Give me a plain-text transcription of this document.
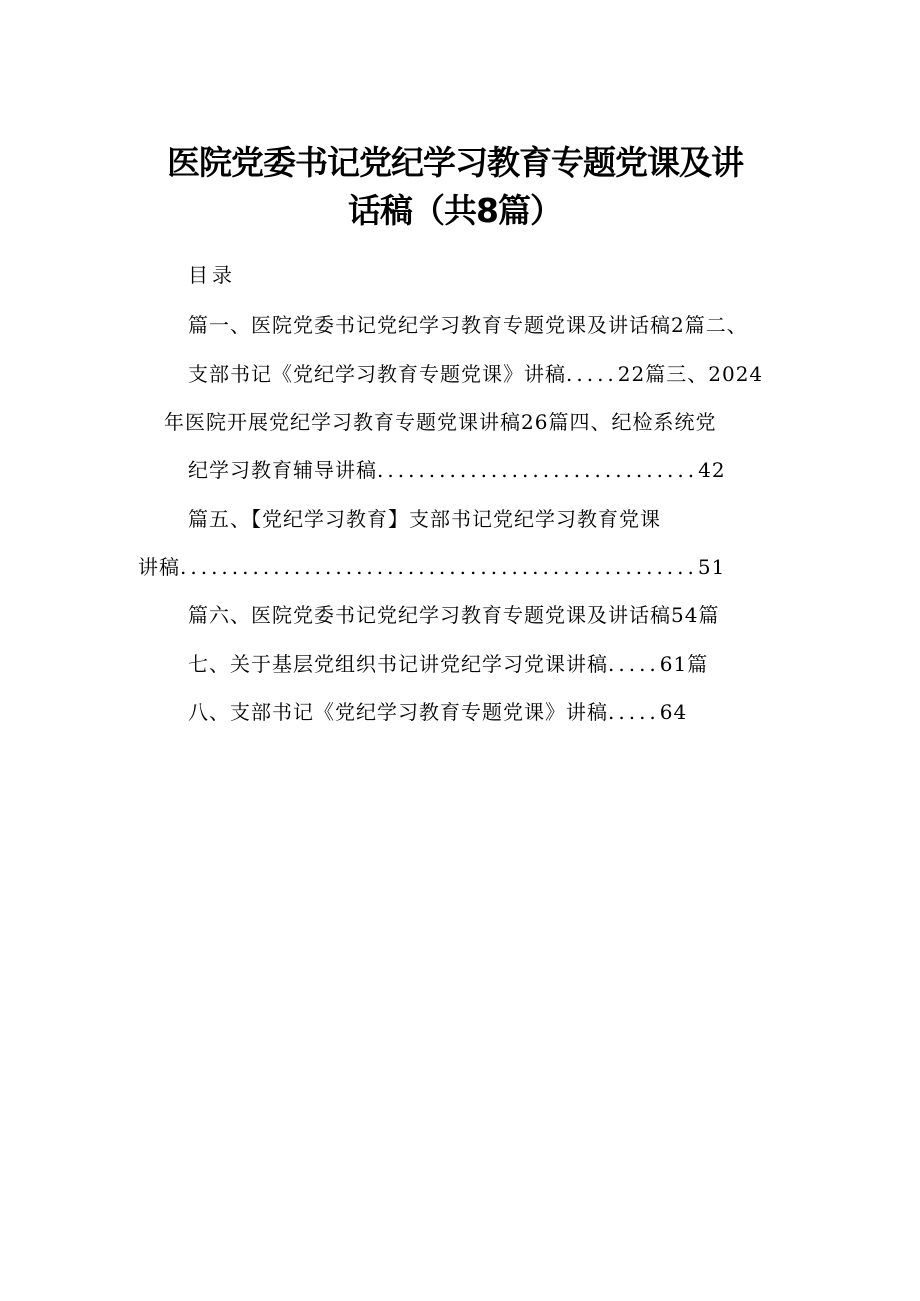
医院党委书记党纪学习教育专题党课及讲
话稿（共8篇）
目录
篇一、医院党委书记党纪学习教育专题党课及讲话稿2篇二、
支部书记《党纪学习教育专题党课》讲稿.....22篇三、2024
年医院开展党纪学习教育专题党课讲稿26篇四、纪检系统党
纪学习教育辅导讲稿...............................42
篇五、【党纪学习教育】支部书记党纪学习教育党课
讲稿..................................................51
篇六、医院党委书记党纪学习教育专题党课及讲话稿54篇
七、关于基层党组织书记讲党纪学习党课讲稿.....61篇
八、支部书记《党纪学习教育专题党课》讲稿.....64
